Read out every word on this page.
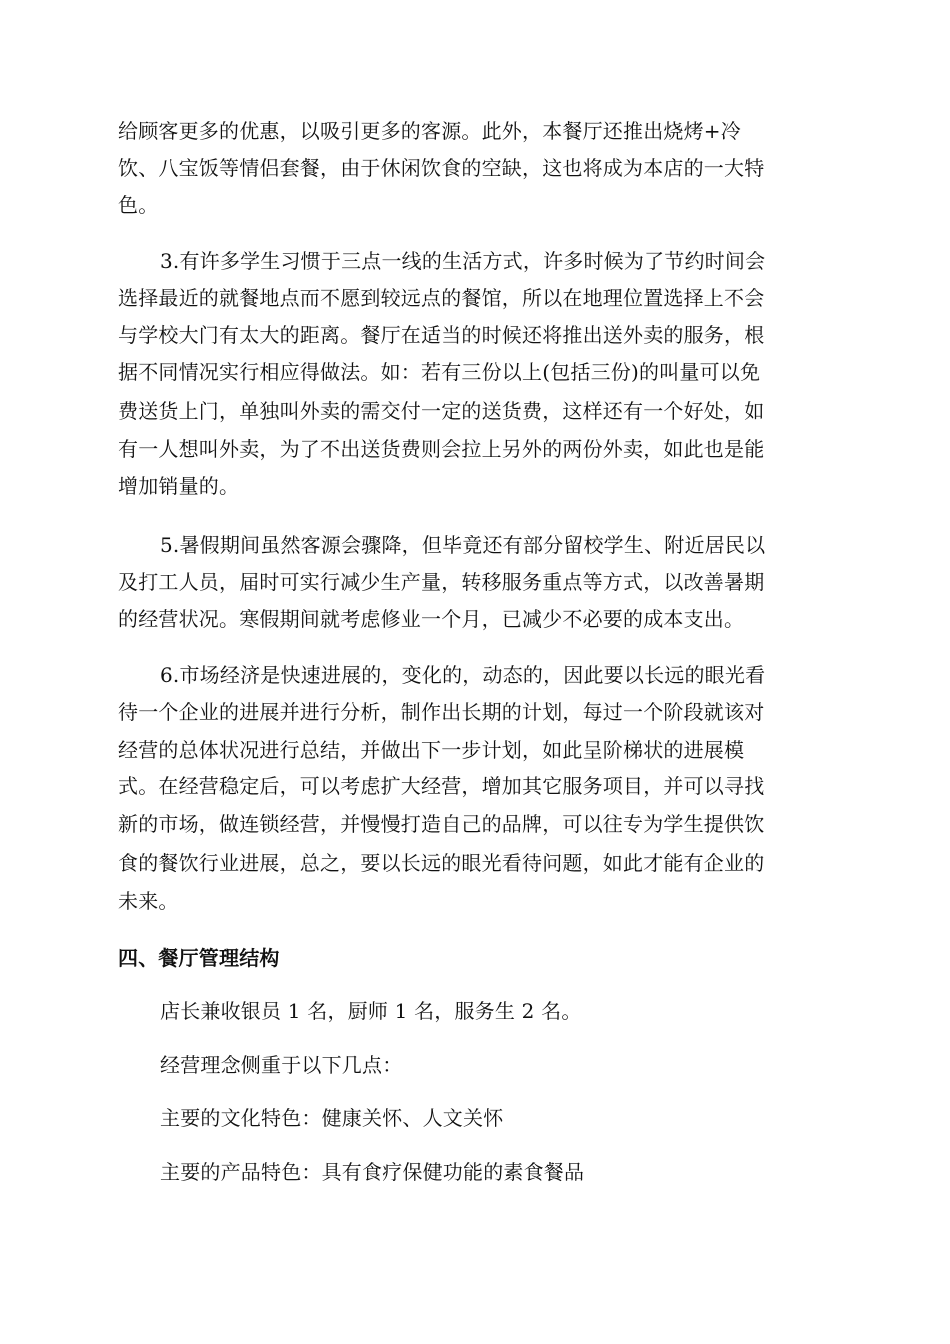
给顾客更多的优惠，以吸引更多的客源。此外，本餐厅还推出烧烤+冷

饮、八宝饭等情侣套餐，由于休闲饮食的空缺，这也将成为本店的一大特

色。

3.有许多学生习惯于三点一线的生活方式，许多时候为了节约时间会

选择最近的就餐地点而不愿到较远点的餐馆，所以在地理位置选择上不会

与学校大门有太大的距离。餐厅在适当的时候还将推出送外卖的服务，根

据不同情况实行相应得做法。如：若有三份以上(包括三份)的叫量可以免

费送货上门，单独叫外卖的需交付一定的送货费，这样还有一个好处，如

有一人想叫外卖，为了不出送货费则会拉上另外的两份外卖，如此也是能

增加销量的。

5.暑假期间虽然客源会骤降，但毕竟还有部分留校学生、附近居民以

及打工人员，届时可实行减少生产量，转移服务重点等方式，以改善暑期

的经营状况。寒假期间就考虑修业一个月，已减少不必要的成本支出。

6.市场经济是快速进展的，变化的，动态的，因此要以长远的眼光看

待一个企业的进展并进行分析，制作出长期的计划，每过一个阶段就该对

经营的总体状况进行总结，并做出下一步计划，如此呈阶梯状的进展模

式。在经营稳定后，可以考虑扩大经营，增加其它服务项目，并可以寻找

新的市场，做连锁经营，并慢慢打造自己的品牌，可以往专为学生提供饮

食的餐饮行业进展，总之，要以长远的眼光看待问题，如此才能有企业的

未来。

四、餐厅管理结构

店长兼收银员 1 名，厨师 1 名，服务生 2 名。

经营理念侧重于以下几点：

主要的文化特色：健康关怀、人文关怀

主要的产品特色：具有食疗保健功能的素食餐品
